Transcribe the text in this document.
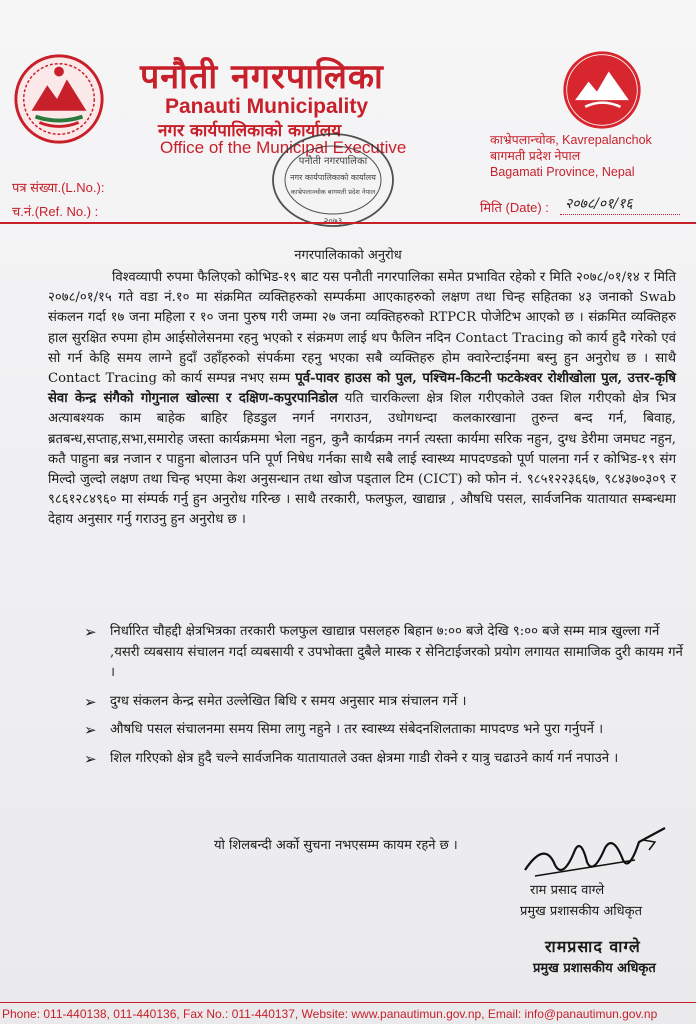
पनौती नगरपालिका
Panauti Municipality
नगर कार्यपालिकाको कार्यालय
Office of the Municipal Executive	काभ्रेपलान्चोक, Kavrepalanchok
बागमती प्रदेश नेपाल
Bagamati Province, Nepal
पत्र संख्या.(L.No.):
च.नं.(Ref. No.) :
पनौती नगरपालिका
नगर कार्यपालिकाको कार्यालय
काभ्रेपलाञ्चोक बागमती प्रदेश नेपाल
मिति (Date) : २०७८/०१/१६
नगरपालिकाको अनुरोध
विश्वव्यापी रुपमा फैलिएको कोभिड-१९ बाट यस पनौती नगरपालिका समेत प्रभावित रहेको र मिति २०७८/०१/१४ र मिति २०७८/०१/१५ गते वडा नं.१० मा संक्रमित व्यक्तिहरुको सम्पर्कमा आएकाहरुको लक्षण तथा चिन्ह सहितका ४३ जनाको Swab संकलन गर्दा १७ जना महिला र १० जना पुरुष गरी जम्मा २७ जना व्यक्तिहरुको RTPCR पोजेटिभ आएको छ । संक्रमित व्यक्तिहरु हाल सुरक्षित रुपमा होम आईसोलेसनमा रहनु भएको र संक्रमण लाई थप फैलिन नदिन Contact Tracing को कार्य हुदै गरेको एवं सो गर्न केहि समय लाग्ने हुदाँ उहाँहरुको संपर्कमा रहनु भएका सबै व्यक्तिहरु होम क्वारेन्टाईनमा बस्नु हुन अनुरोध छ । साथै Contact Tracing को कार्य सम्पन्न नभए सम्म पूर्व-पावर हाउस को पुल, पश्चिम-किटनी फटकेश्वर रोशीखोला पुल, उत्तर-कृषि सेवा केन्द्र संगैको गोगुनाल खोल्सा र दक्षिण-कपुरपानिडोल यति चारकिल्ला क्षेत्र शिल गरीएकोले उक्त शिल गरीएको क्षेत्र भित्र अत्याबश्यक काम बाहेक बाहिर हिडडुल नगर्न नगराउन, उधोगधन्दा कलकारखाना तुरुन्त बन्द गर्न, बिवाह, ब्रतबन्ध,सप्ताह,सभा,समारोह जस्ता कार्यक्रममा भेला नहुन, कुनै कार्यक्रम नगर्न त्यस्ता कार्यमा सरिक नहुन, दुग्ध डेरीमा जमघट नहुन, कतै पाहुना बन्न नजान र पाहुना बोलाउन पनि पूर्ण निषेध गर्नका साथै सबै लाई स्वास्थ्य मापदण्डको पूर्ण पालना गर्न र कोभिड-१९ संग मिल्दो जुल्दो लक्षण तथा चिन्ह भएमा केश अनुसन्धान तथा खोज पड्ताल टिम (CICT) को फोन नं. ९८५१२२३६६७, ९८४३७०३०९ र ९८६१२८४९६० मा संम्पर्क गर्नु हुन अनुरोध गरिन्छ । साथै तरकारी, फलफुल, खाद्यान्न , औषधि पसल, सार्वजनिक यातायात सम्बन्धमा देहाय अनुसार गर्नु गराउनु हुन अनुरोध छ ।
➢ निर्धारित चौहद्दी क्षेत्रभित्रका तरकारी फलफुल खाद्यान्न पसलहरु बिहान ७:०० बजे देखि ९:०० बजे सम्म मात्र खुल्ला गर्ने ,यसरी व्यबसाय संचालन गर्दा व्यबसायी र उपभोक्ता दुबैले मास्क र सेनिटाईजरको प्रयोग लगायत सामाजिक दुरी कायम गर्ने ।
➢ दुग्ध संकलन केन्द्र समेत उल्लेखित बिधि र समय अनुसार मात्र संचालन गर्ने ।
➢ औषधि पसल संचालनमा समय सिमा लागु नहुने । तर स्वास्थ्य संबेदनशिलताका मापदण्ड भने पुरा गर्नुपर्ने ।
➢ शिल गरिएको क्षेत्र हुदै चल्ने सार्वजनिक यातायातले उक्त क्षेत्रमा गाडी रोक्ने र यात्रु चढाउने कार्य गर्न नपाउने ।
यो शिलबन्दी अर्को सुचना नभएसम्म कायम रहने छ ।
राम प्रसाद वाग्ले
प्रमुख प्रशासकीय अधिकृत
रामप्रसाद वाग्ले
प्रमुख प्रशासकीय अधिकृत
Phone: 011-440138, 011-440136, Fax No.: 011-440137, Website: www.panautimun.gov.np, Email: info@panautimun.gov.np
